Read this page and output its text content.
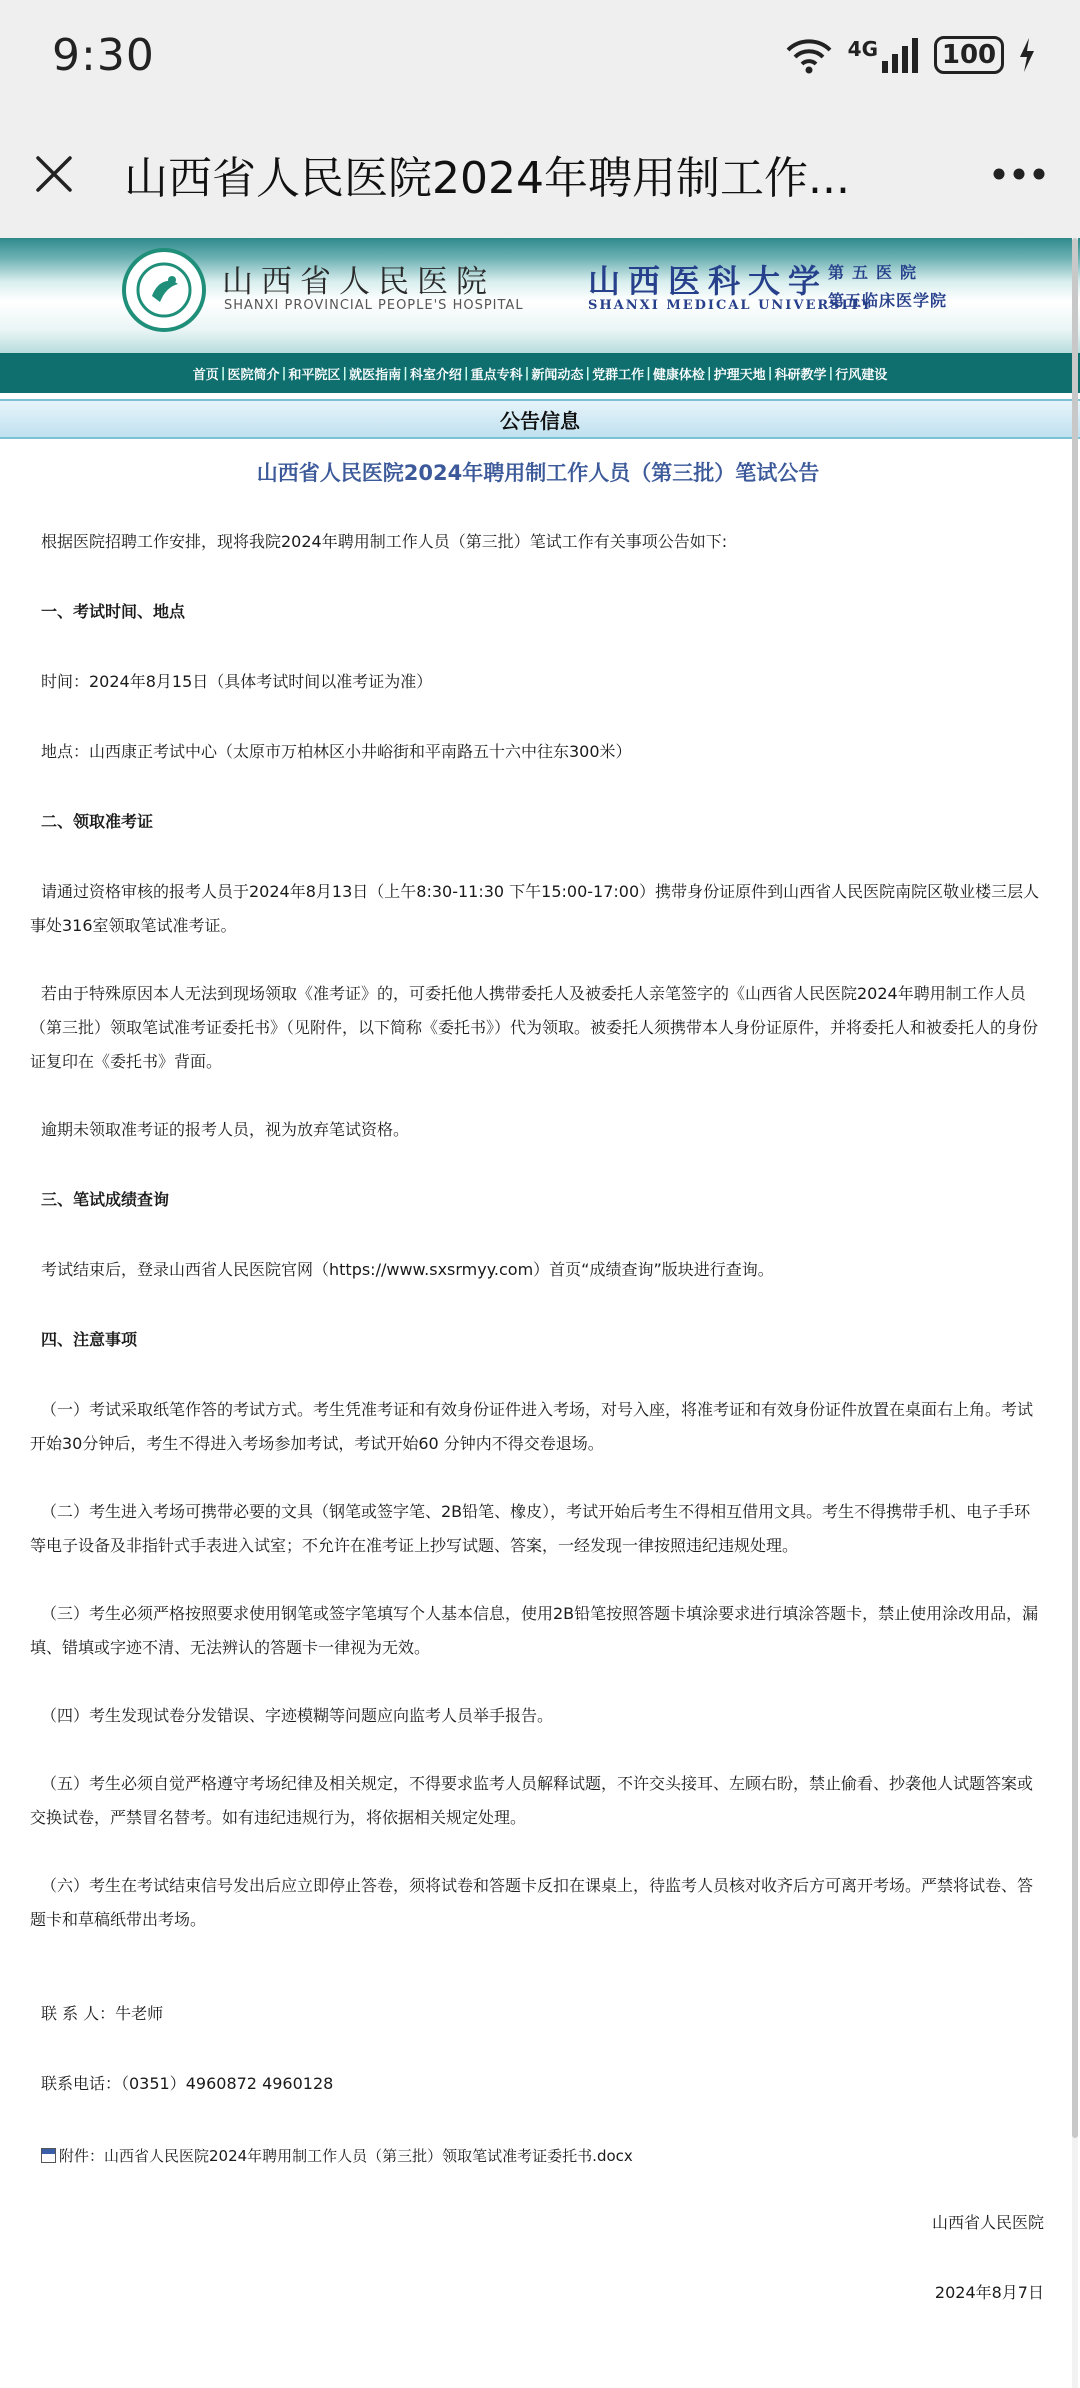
9:30	4G 100
山西省人民医院2024年聘用制工作...
山西省人民医院
SHANXI PROVINCIAL PEOPLE'S HOSPITAL
山西医科大学
SHANXI MEDICAL UNIVERSITY
第五医院
第五临床医学院
首页 | 医院简介 | 和平院区 | 就医指南 | 科室介绍 | 重点专科 | 新闻动态 | 党群工作 | 健康体检 | 护理天地 | 科研教学 | 行风建设
公告信息
山西省人民医院2024年聘用制工作人员（第三批）笔试公告

根据医院招聘工作安排，现将我院2024年聘用制工作人员（第三批）笔试工作有关事项公告如下:

一、考试时间、地点

时间：2024年8月15日（具体考试时间以准考证为准）

地点：山西康正考试中心（太原市万柏林区小井峪街和平南路五十六中往东300米）

二、领取准考证

请通过资格审核的报考人员于2024年8月13日（上午8:30-11:30 下午15:00-17:00）携带身份证原件到山西省人民医院南院区敬业楼三层人事处316室领取笔试准考证。

若由于特殊原因本人无法到现场领取《准考证》的，可委托他人携带委托人及被委托人亲笔签字的《山西省人民医院2024年聘用制工作人员（第三批）领取笔试准考证委托书》（见附件，以下简称《委托书》）代为领取。被委托人须携带本人身份证原件，并将委托人和被委托人的身份证复印在《委托书》背面。

逾期未领取准考证的报考人员，视为放弃笔试资格。

三、笔试成绩查询

考试结束后，登录山西省人民医院官网（https://www.sxsrmyy.com）首页“成绩查询”版块进行查询。

四、注意事项

（一）考试采取纸笔作答的考试方式。考生凭准考证和有效身份证件进入考场，对号入座，将准考证和有效身份证件放置在桌面右上角。考试开始30分钟后，考生不得进入考场参加考试，考试开始60 分钟内不得交卷退场。

（二）考生进入考场可携带必要的文具（钢笔或签字笔、2B铅笔、橡皮），考试开始后考生不得相互借用文具。考生不得携带手机、电子手环等电子设备及非指针式手表进入试室；不允许在准考证上抄写试题、答案，一经发现一律按照违纪违规处理。

（三）考生必须严格按照要求使用钢笔或签字笔填写个人基本信息，使用2B铅笔按照答题卡填涂要求进行填涂答题卡，禁止使用涂改用品，漏填、错填或字迹不清、无法辨认的答题卡一律视为无效。

（四）考生发现试卷分发错误、字迹模糊等问题应向监考人员举手报告。

（五）考生必须自觉严格遵守考场纪律及相关规定，不得要求监考人员解释试题，不许交头接耳、左顾右盼，禁止偷看、抄袭他人试题答案或交换试卷，严禁冒名替考。如有违纪违规行为，将依据相关规定处理。

（六）考生在考试结束信号发出后应立即停止答卷，须将试卷和答题卡反扣在课桌上，待监考人员核对收齐后方可离开考场。严禁将试卷、答题卡和草稿纸带出考场。

联 系 人：牛老师

联系电话：（0351）4960872 4960128

附件：山西省人民医院2024年聘用制工作人员（第三批）领取笔试准考证委托书.docx

山西省人民医院

2024年8月7日
